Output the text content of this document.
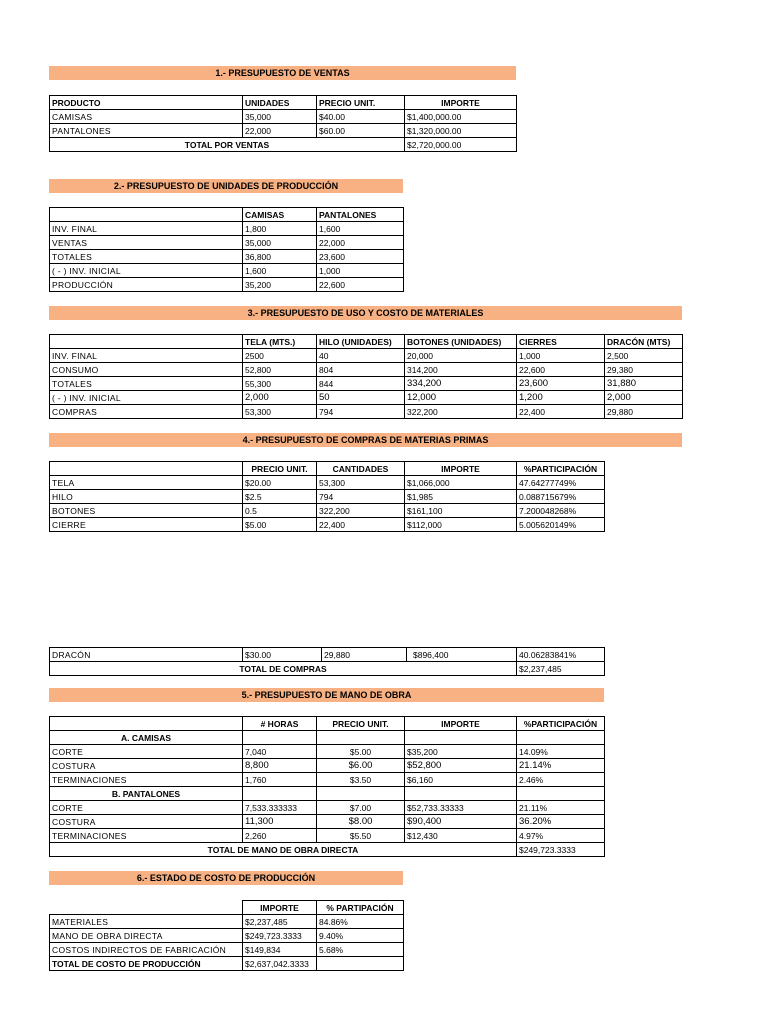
1.- PRESUPUESTO DE VENTAS
PRODUCTO	UNIDADES	PRECIO UNIT.	IMPORTE
CAMISAS	35,000	$40.00	$1,400,000.00
PANTALONES	22,000	$60.00	$1,320,000.00
TOTAL POR VENTAS			$2,720,000.00
2.- PRESUPUESTO DE UNIDADES DE PRODUCCIÓN
	CAMISAS	PANTALONES
INV. FINAL	1,800	1,600
VENTAS	35,000	22,000
TOTALES	36,800	23,600
( - ) INV. INICIAL	1,600	1,000
PRODUCCIÓN	35,200	22,600
3.- PRESUPUESTO DE USO Y COSTO DE MATERIALES
	TELA (MTS.)	HILO (UNIDADES)	BOTONES (UNIDADES)	CIERRES	DRACÓN (MTS)
INV. FINAL	2500	40	20,000	1,000	2,500
CONSUMO	52,800	804	314,200	22,600	29,380
TOTALES	55,300	844	334,200	23,600	31,880
( - ) INV. INICIAL	2,000	50	12,000	1,200	2,000
COMPRAS	53,300	794	322,200	22,400	29,880
4.- PRESUPUESTO DE COMPRAS DE MATERIAS PRIMAS
	PRECIO UNIT.	CANTIDADES	IMPORTE	%PARTICIPACIÓN
TELA	$20.00	53,300	$1,066,000	47.64277749%
HILO	$2.5	794	$1,985	0.088715679%
BOTONES	0.5	322,200	$161,100	7.200048268%
CIERRE	$5.00	22,400	$112,000	5.005620149%
DRACÓN	$30.00	29,880	$896,400	40.06283841%
TOTAL DE COMPRAS				$2,237,485
5.- PRESUPUESTO DE MANO DE OBRA
	# HORAS	PRECIO UNIT.	IMPORTE	%PARTICIPACIÓN
A. CAMISAS				
CORTE	7,040	$5.00	$35,200	14.09%
COSTURA	8,800	$6.00	$52,800	21.14%
TERMINACIONES	1,760	$3.50	$6,160	2.46%
B. PANTALONES				
CORTE	7,533.333333	$7.00	$52,733.33333	21.11%
COSTURA	11,300	$8.00	$90,400	36.20%
TERMINACIONES	2,260	$5.50	$12,430	4.97%
TOTAL DE MANO DE OBRA DIRECTA				$249,723.3333
6.- ESTADO DE COSTO DE PRODUCCIÓN
	IMPORTE	% PARTIPACIÓN
MATERIALES	$2,237,485	84.86%
MANO DE OBRA DIRECTA	$249,723.3333	9.40%
COSTOS INDIRECTOS DE FABRICACIÓN	$149,834	5.68%
TOTAL DE COSTO DE PRODUCCIÓN	$2,637,042.3333	
